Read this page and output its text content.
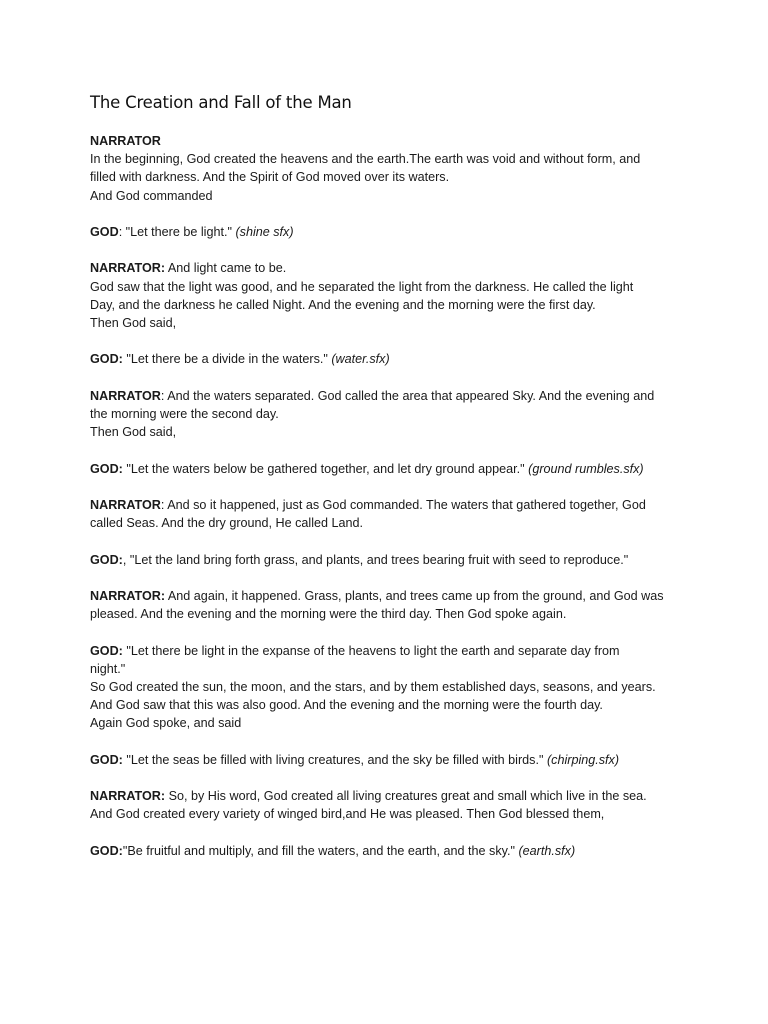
The Creation and Fall of the Man
NARRATOR
In the beginning, God created the heavens and the earth.The earth was void and without form, and
filled with darkness. And the Spirit of God moved over its waters.
And God commanded
GOD: "Let there be light." (shine sfx)
NARRATOR: And light came to be.
God saw that the light was good, and he separated the light from the darkness. He called the light
Day, and the darkness he called Night. And the evening and the morning were the first day.
Then God said,
GOD: "Let there be a divide in the waters." (water.sfx)
NARRATOR: And the waters separated. God called the area that appeared Sky. And the evening and
the morning were the second day.
Then God said,
GOD: "Let the waters below be gathered together, and let dry ground appear." (ground rumbles.sfx)
NARRATOR: And so it happened, just as God commanded. The waters that gathered together, God
called Seas. And the dry ground, He called Land.
GOD:, "Let the land bring forth grass, and plants, and trees bearing fruit with seed to reproduce."
NARRATOR: And again, it happened. Grass, plants, and trees came up from the ground, and God was
pleased. And the evening and the morning were the third day. Then God spoke again.
GOD: "Let there be light in the expanse of the heavens to light the earth and separate day from
night."
So God created the sun, the moon, and the stars, and by them established days, seasons, and years.
And God saw that this was also good. And the evening and the morning were the fourth day.
Again God spoke, and said
GOD: "Let the seas be filled with living creatures, and the sky be filled with birds." (chirping.sfx)
NARRATOR: So, by His word, God created all living creatures great and small which live in the sea.
And God created every variety of winged bird,and He was pleased. Then God blessed them,
GOD:"Be fruitful and multiply, and fill the waters, and the earth, and the sky." (earth.sfx)
